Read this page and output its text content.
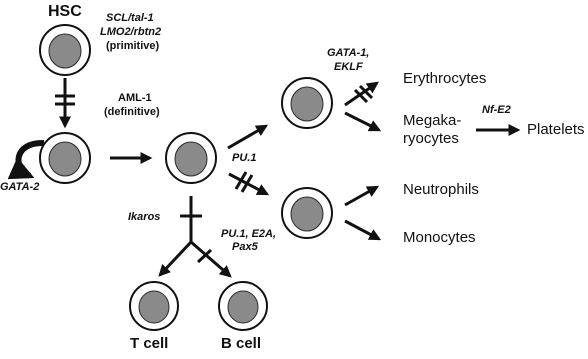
HSC SCL/tal-1
LMO2/rbtn2
(primitive)
AML-1
(definitive)
GATA-2
GATA-1,
EKLF
PU.1
Ikaros
PU.1, E2A,
Pax5
Nf-E2
Erythrocytes
Megaka-
ryocytes
Platelets
Neutrophils
Monocytes
T cell	B cell
